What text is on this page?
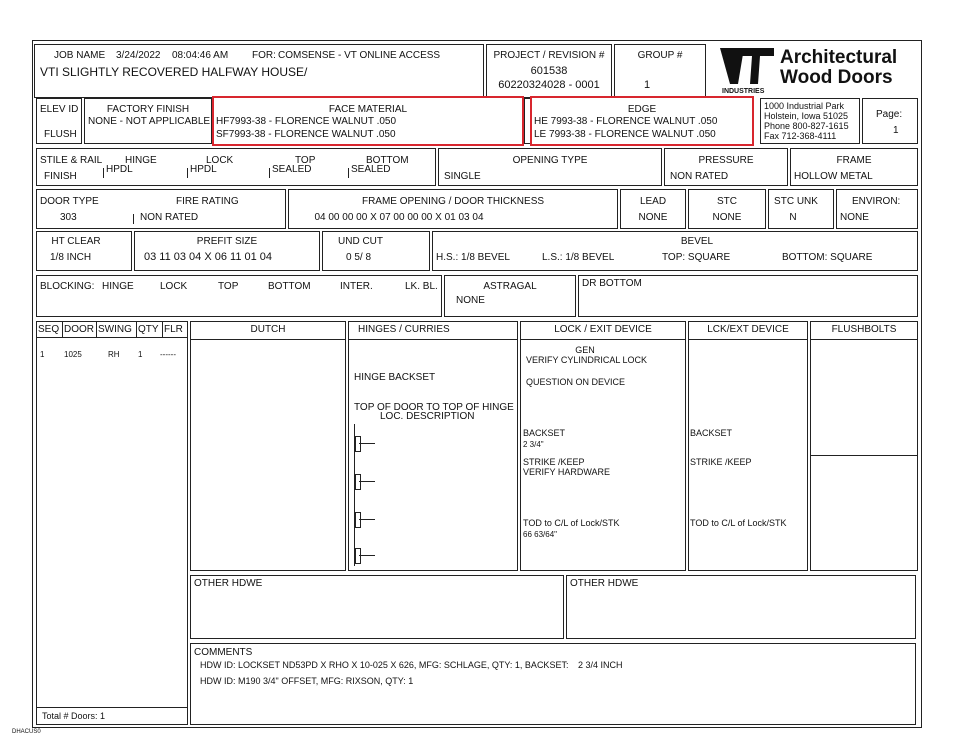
JOB NAME 3/24/2022 08:04:46 AM FOR: COMSENSE - VT ONLINE ACCESS
VTI SLIGHTLY RECOVERED HALFWAY HOUSE/
PROJECT / REVISION #
601538
60220324028 - 0001
GROUP #
1
INDUSTRIES
Architectural
Wood Doors
ELEV ID
FLUSH
FACTORY FINISH
NONE - NOT APPLICABLE
FACE MATERIAL
HF7993-38 - FLORENCE WALNUT .050
SF7993-38 - FLORENCE WALNUT .050
EDGE
HE 7993-38 - FLORENCE WALNUT .050
LE 7993-38 - FLORENCE WALNUT .050
1000 Industrial Park
Holstein, Iowa 51025
Phone 800-827-1615
Fax 712-368-4111
Page:
1
STILE & RAIL
FINISH
HINGE
HPDL
LOCK
HPDL
TOP
SEALED
BOTTOM
SEALED
OPENING TYPE
SINGLE
PRESSURE
NON RATED
FRAME
HOLLOW METAL
DOOR TYPE
303
FIRE RATING
NON RATED
FRAME OPENING / DOOR THICKNESS
04 00 00 00 X 07 00 00 00 X 01 03 04
LEAD
NONE
STC
NONE
STC UNK
N
ENVIRON:
NONE
HT CLEAR
1/8 INCH
PREFIT SIZE
03 11 03 04 X 06 11 01 04
UND CUT
0 5/ 8
BEVEL
H.S.: 1/8 BEVEL	L.S.: 1/8 BEVEL	TOP: SQUARE	BOTTOM: SQUARE
BLOCKING: HINGE	LOCK	TOP	BOTTOM	INTER.	LK. BL.	ASTRAGAL
NONE
DR BOTTOM
SEQ DOOR SWING QTY FLR
1 1025	RH 1 ------
Total # Doors: 1
DUTCH	HINGES / CURRIES
HINGE BACKSET
TOP OF DOOR TO TOP OF HINGE
LOC. DESCRIPTION
LOCK / EXIT DEVICE
GEN
VERIFY CYLINDRICAL LOCK
QUESTION ON DEVICE
BACKSET
2 3/4"
STRIKE /KEEP
VERIFY HARDWARE
TOD to C/L of Lock/STK
66 63/64"
LCK/EXT DEVICE
BACKSET
STRIKE /KEEP
TOD to C/L of Lock/STK
FLUSHBOLTS
OTHER HDWE	OTHER HDWE
COMMENTS
HDW ID: LOCKSET ND53PD X RHO X 10-025 X 626, MFG: SCHLAGE, QTY: 1, BACKSET: 2 3/4 INCH
HDW ID: M190 3/4" OFFSET, MFG: RIXSON, QTY: 1
DHACUS0
